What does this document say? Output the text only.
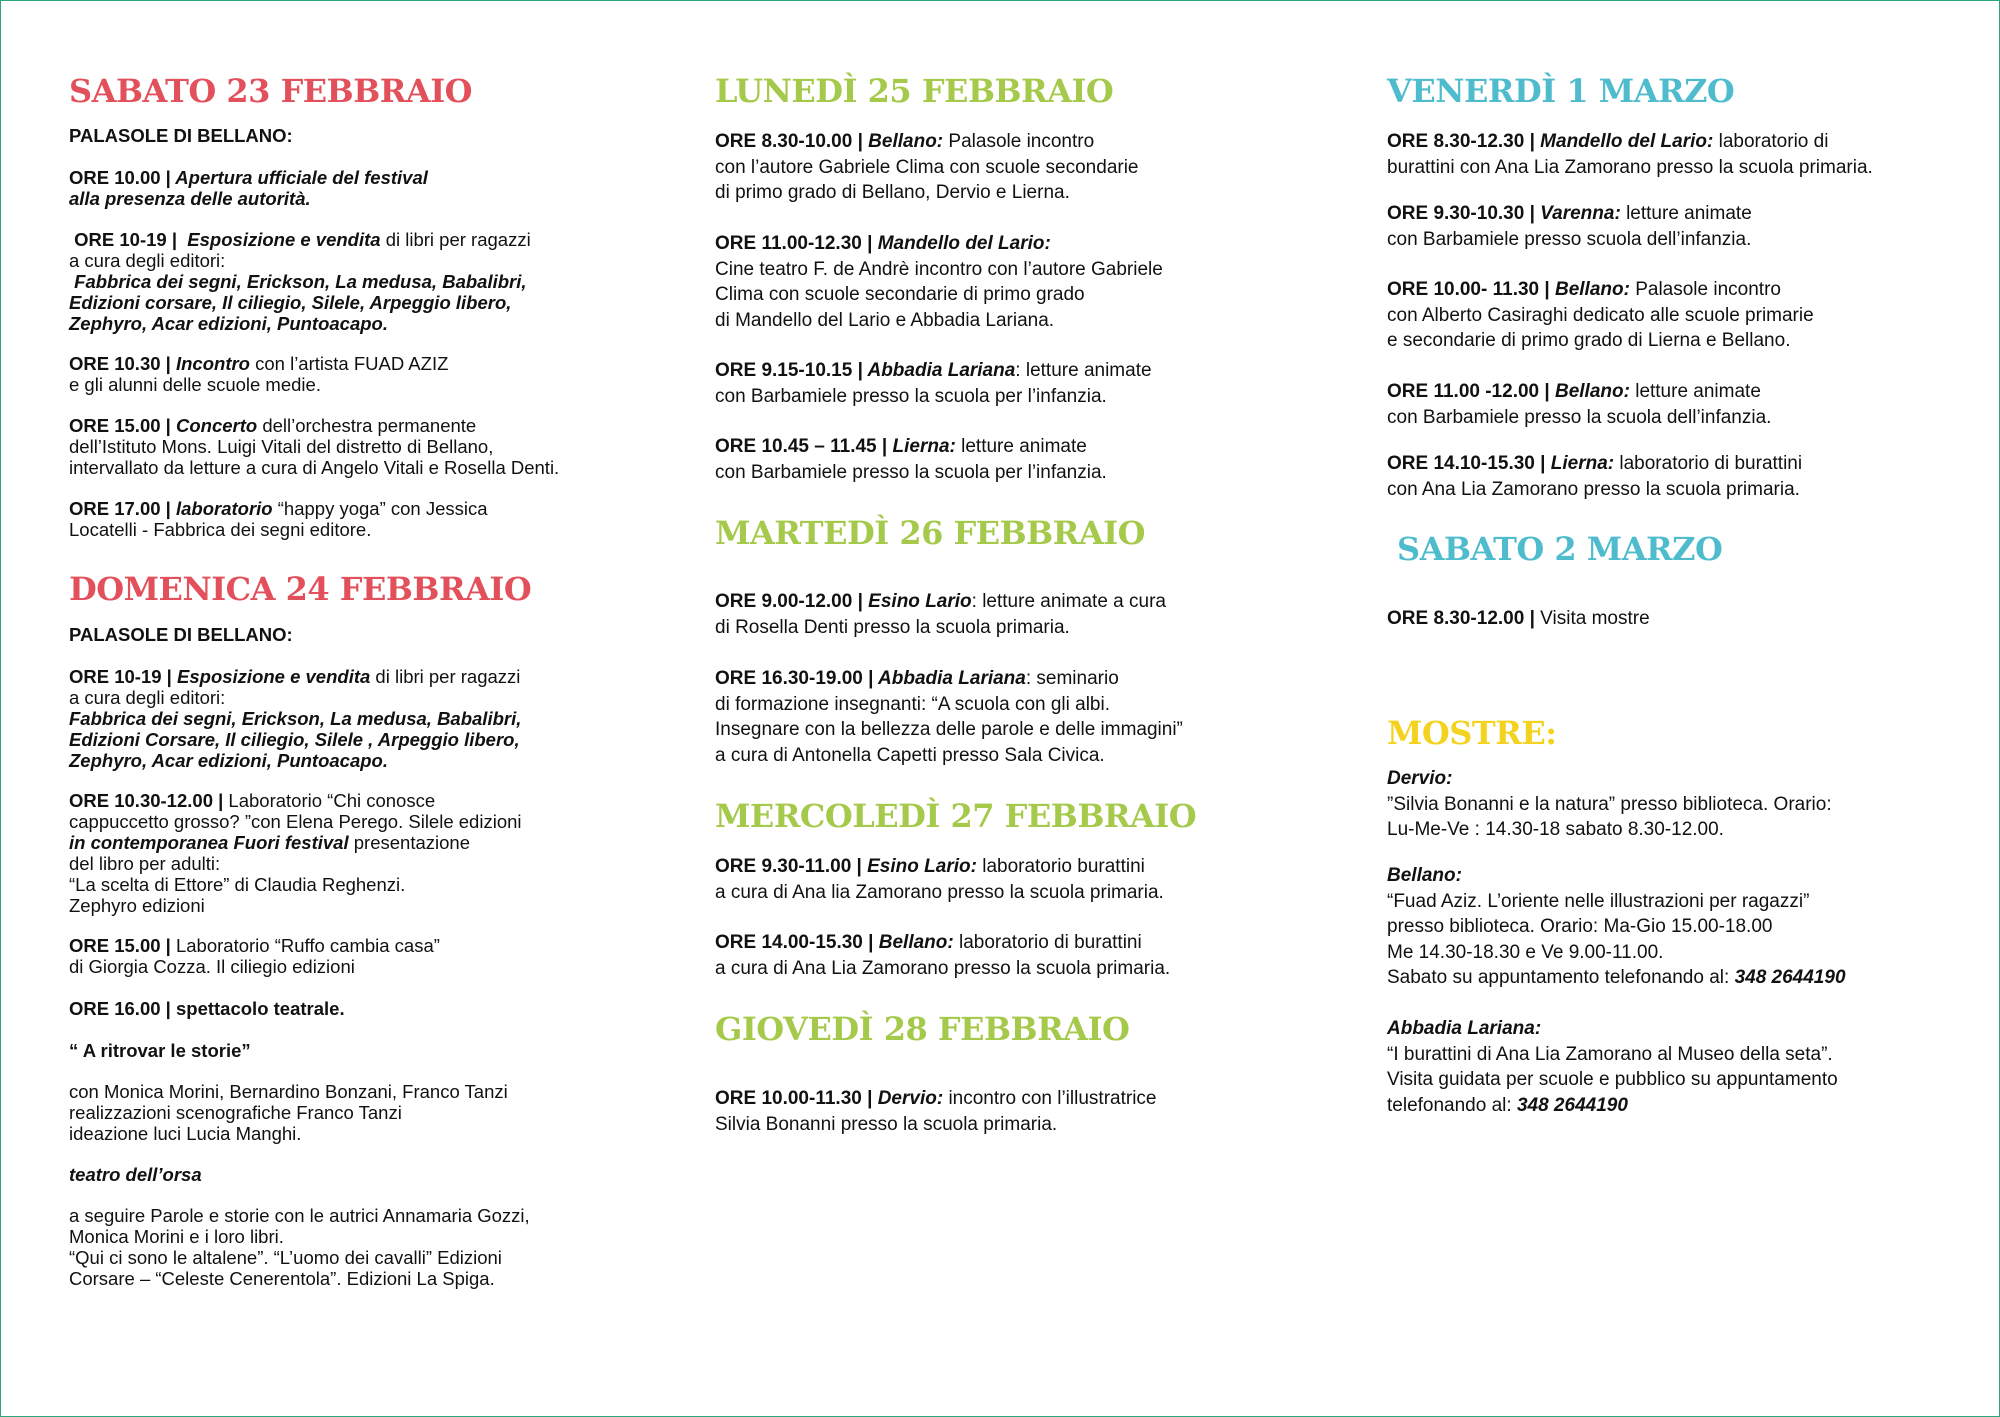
SABATO 23 FEBBRAIO
PALASOLE DI BELLANO:
ORE 10.00 | Apertura ufficiale del festival
alla presenza delle autorità.
ORE 10-19 | Esposizione e vendita di libri per ragazzi
a cura degli editori:
Fabbrica dei segni, Erickson, La medusa, Babalibri,
Edizioni corsare, Il ciliegio, Silele, Arpeggio libero,
Zephyro, Acar edizioni, Puntoacapo.
ORE 10.30 | Incontro con l’artista FUAD AZIZ
e gli alunni delle scuole medie.
ORE 15.00 | Concerto dell’orchestra permanente
dell’Istituto Mons. Luigi Vitali del distretto di Bellano,
intervallato da letture a cura di Angelo Vitali e Rosella Denti.
ORE 17.00 | laboratorio “happy yoga” con Jessica
Locatelli - Fabbrica dei segni editore.
DOMENICA 24 FEBBRAIO
PALASOLE DI BELLANO:
ORE 10-19 | Esposizione e vendita di libri per ragazzi
a cura degli editori:
Fabbrica dei segni, Erickson, La medusa, Babalibri,
Edizioni Corsare, Il ciliegio, Silele , Arpeggio libero,
Zephyro, Acar edizioni, Puntoacapo.
ORE 10.30-12.00 | Laboratorio “Chi conosce
cappuccetto grosso? ”con Elena Perego. Silele edizioni
in contemporanea Fuori festival presentazione
del libro per adulti:
“La scelta di Ettore” di Claudia Reghenzi.
Zephyro edizioni
ORE 15.00 | Laboratorio “Ruffo cambia casa”
di Giorgia Cozza. Il ciliegio edizioni
ORE 16.00 | spettacolo teatrale.
“ A ritrovar le storie”
con Monica Morini, Bernardino Bonzani, Franco Tanzi
realizzazioni scenografiche Franco Tanzi
ideazione luci Lucia Manghi.
teatro dell’orsa
a seguire Parole e storie con le autrici Annamaria Gozzi,
Monica Morini e i loro libri.
“Qui ci sono le altalene”. “L’uomo dei cavalli” Edizioni
Corsare – “Celeste Cenerentola”. Edizioni La Spiga.
LUNEDÌ 25 FEBBRAIO
ORE 8.30-10.00 | Bellano: Palasole incontro
con l’autore Gabriele Clima con scuole secondarie
di primo grado di Bellano, Dervio e Lierna.
ORE 11.00-12.30 | Mandello del Lario:
Cine teatro F. de Andrè incontro con l’autore Gabriele
Clima con scuole secondarie di primo grado
di Mandello del Lario e Abbadia Lariana.
ORE 9.15-10.15 | Abbadia Lariana: letture animate
con Barbamiele presso la scuola per l’infanzia.
ORE 10.45 – 11.45 | Lierna: letture animate
con Barbamiele presso la scuola per l’infanzia.
MARTEDÌ 26 FEBBRAIO
ORE 9.00-12.00 | Esino Lario: letture animate a cura
di Rosella Denti presso la scuola primaria.
ORE 16.30-19.00 | Abbadia Lariana: seminario
di formazione insegnanti: “A scuola con gli albi.
Insegnare con la bellezza delle parole e delle immagini”
a cura di Antonella Capetti presso Sala Civica.
MERCOLEDÌ 27 FEBBRAIO
ORE 9.30-11.00 | Esino Lario: laboratorio burattini
a cura di Ana lia Zamorano presso la scuola primaria.
ORE 14.00-15.30 | Bellano: laboratorio di burattini
a cura di Ana Lia Zamorano presso la scuola primaria.
GIOVEDÌ 28 FEBBRAIO
ORE 10.00-11.30 | Dervio: incontro con l’illustratrice
Silvia Bonanni presso la scuola primaria.
VENERDÌ 1 MARZO
ORE 8.30-12.30 | Mandello del Lario: laboratorio di
burattini con Ana Lia Zamorano presso la scuola primaria.
ORE 9.30-10.30 | Varenna: letture animate
con Barbamiele presso scuola dell’infanzia.
ORE 10.00- 11.30 | Bellano: Palasole incontro
con Alberto Casiraghi dedicato alle scuole primarie
e secondarie di primo grado di Lierna e Bellano.
ORE 11.00 -12.00 | Bellano: letture animate
con Barbamiele presso la scuola dell’infanzia.
ORE 14.10-15.30 | Lierna: laboratorio di burattini
con Ana Lia Zamorano presso la scuola primaria.
SABATO 2 MARZO
ORE 8.30-12.00 | Visita mostre
MOSTRE:
Dervio:
”Silvia Bonanni e la natura” presso biblioteca. Orario:
Lu-Me-Ve : 14.30-18 sabato 8.30-12.00.
Bellano:
“Fuad Aziz. L’oriente nelle illustrazioni per ragazzi”
presso biblioteca. Orario: Ma-Gio 15.00-18.00
Me 14.30-18.30 e Ve 9.00-11.00.
Sabato su appuntamento telefonando al: 348 2644190
Abbadia Lariana:
“I burattini di Ana Lia Zamorano al Museo della seta”.
Visita guidata per scuole e pubblico su appuntamento
telefonando al: 348 2644190
